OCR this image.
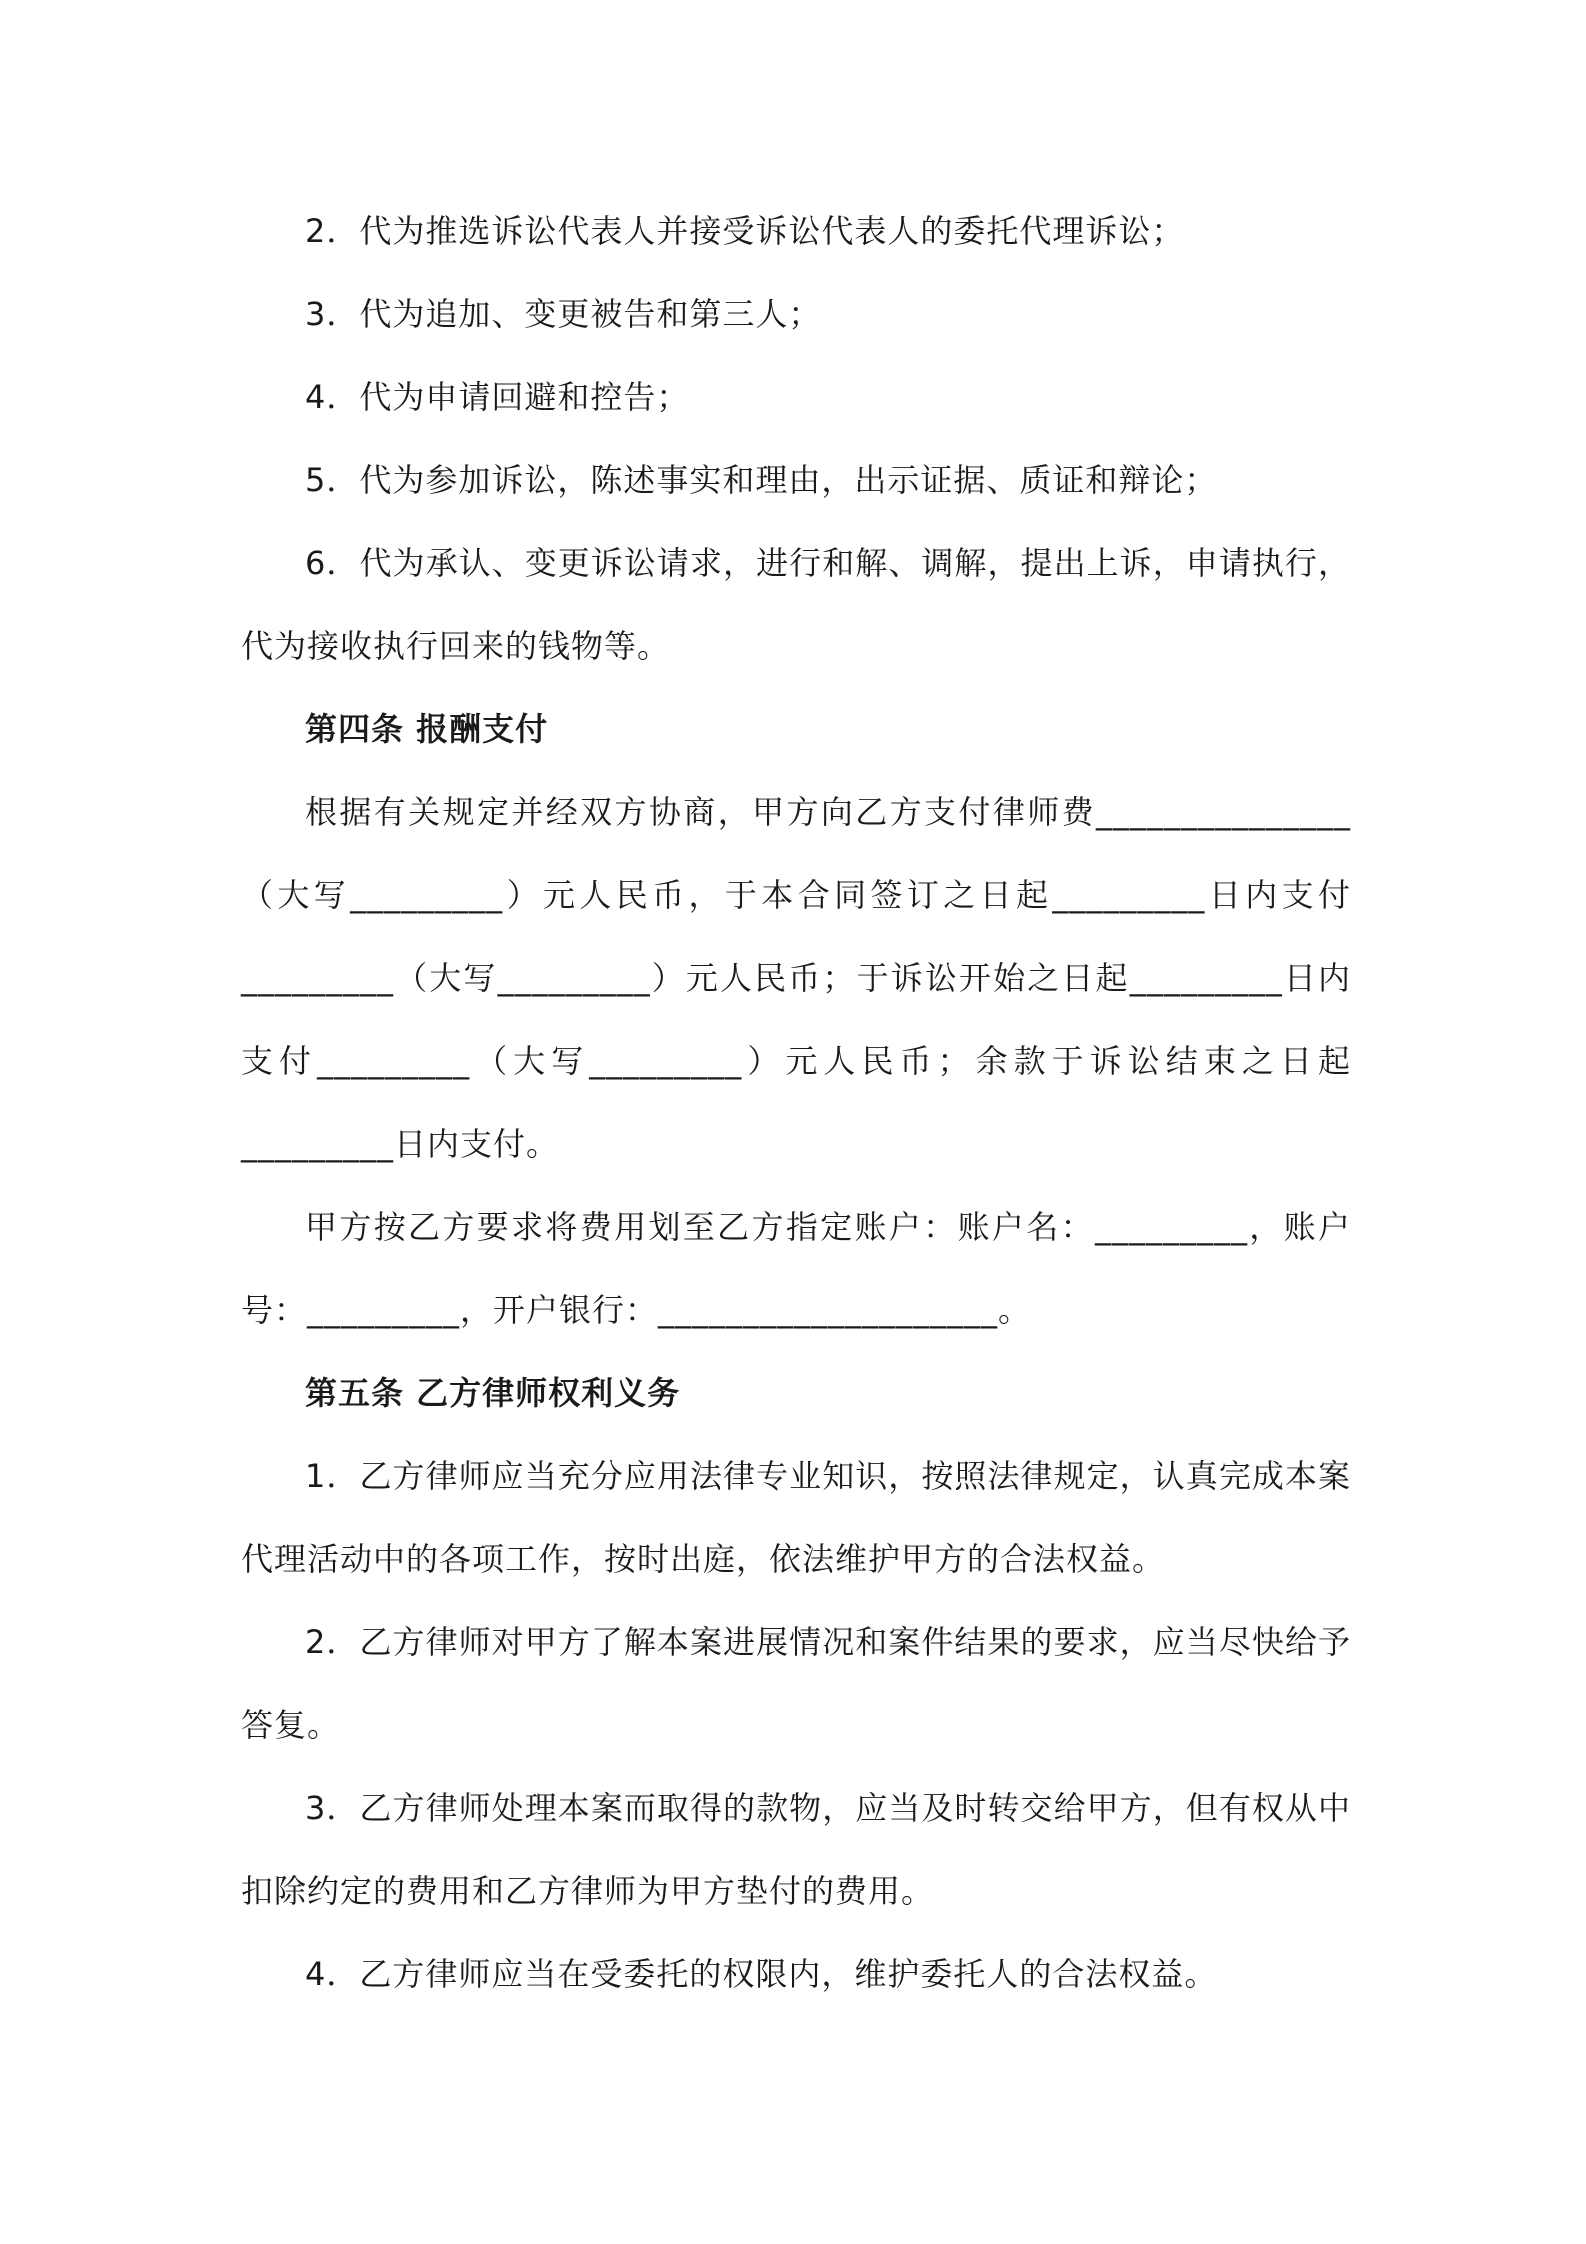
2．代为推选诉讼代表人并接受诉讼代表人的委托代理诉讼；

3．代为追加、变更被告和第三人；

4．代为申请回避和控告；

5．代为参加诉讼，陈述事实和理由，出示证据、质证和辩论；

6．代为承认、变更诉讼请求，进行和解、调解，提出上诉，申请执行，代为接收执行回来的钱物等。

第四条 报酬支付

根据有关规定并经双方协商，甲方向乙方支付律师费_______________（大写_________）元人民币，于本合同签订之日起_________日内支付_________（大写_________）元人民币；于诉讼开始之日起_________日内支付_________（大写_________）元人民币；余款于诉讼结束之日起_________日内支付。

甲方按乙方要求将费用划至乙方指定账户：账户名：_________，账户号：_________，开户银行：____________________。

第五条 乙方律师权利义务

1．乙方律师应当充分应用法律专业知识，按照法律规定，认真完成本案代理活动中的各项工作，按时出庭，依法维护甲方的合法权益。

2．乙方律师对甲方了解本案进展情况和案件结果的要求，应当尽快给予答复。

3．乙方律师处理本案而取得的款物，应当及时转交给甲方，但有权从中扣除约定的费用和乙方律师为甲方垫付的费用。

4．乙方律师应当在受委托的权限内，维护委托人的合法权益。
